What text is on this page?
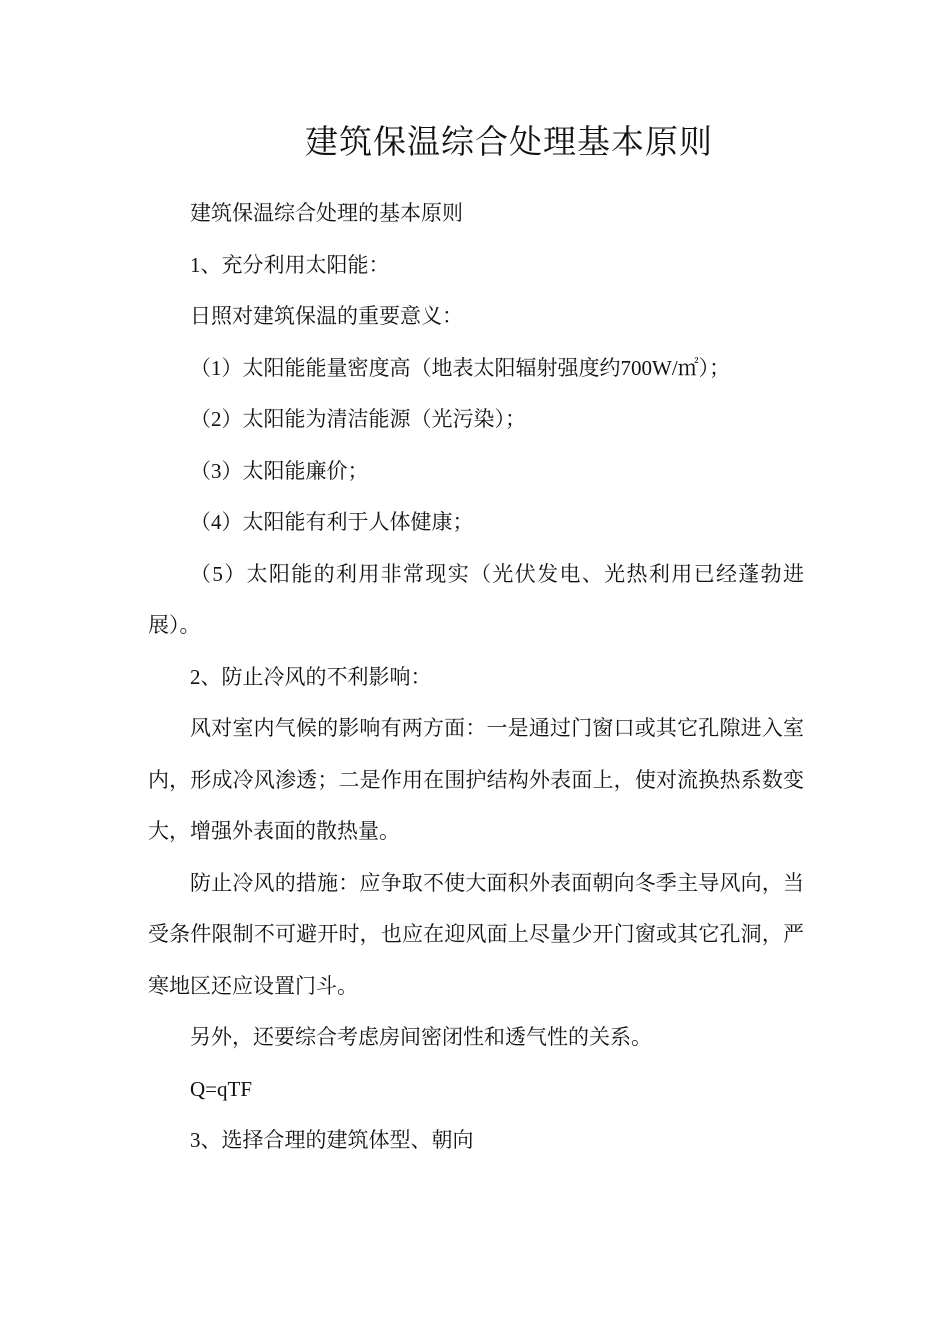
建筑保温综合处理基本原则

建筑保温综合处理的基本原则

1、充分利用太阳能：

日照对建筑保温的重要意义：

（1）太阳能能量密度高（地表太阳辐射强度约700W/㎡）；

（2）太阳能为清洁能源（光污染）；

（3）太阳能廉价；

（4）太阳能有利于人体健康；

（5）太阳能的利用非常现实（光伏发电、光热利用已经蓬勃进展）。

2、防止冷风的不利影响：

风对室内气候的影响有两方面：一是通过门窗口或其它孔隙进入室内，形成冷风渗透；二是作用在围护结构外表面上，使对流换热系数变大，增强外表面的散热量。

防止冷风的措施：应争取不使大面积外表面朝向冬季主导风向，当受条件限制不可避开时，也应在迎风面上尽量少开门窗或其它孔洞，严寒地区还应设置门斗。

另外，还要综合考虑房间密闭性和透气性的关系。

Q=qTF

3、选择合理的建筑体型、朝向
